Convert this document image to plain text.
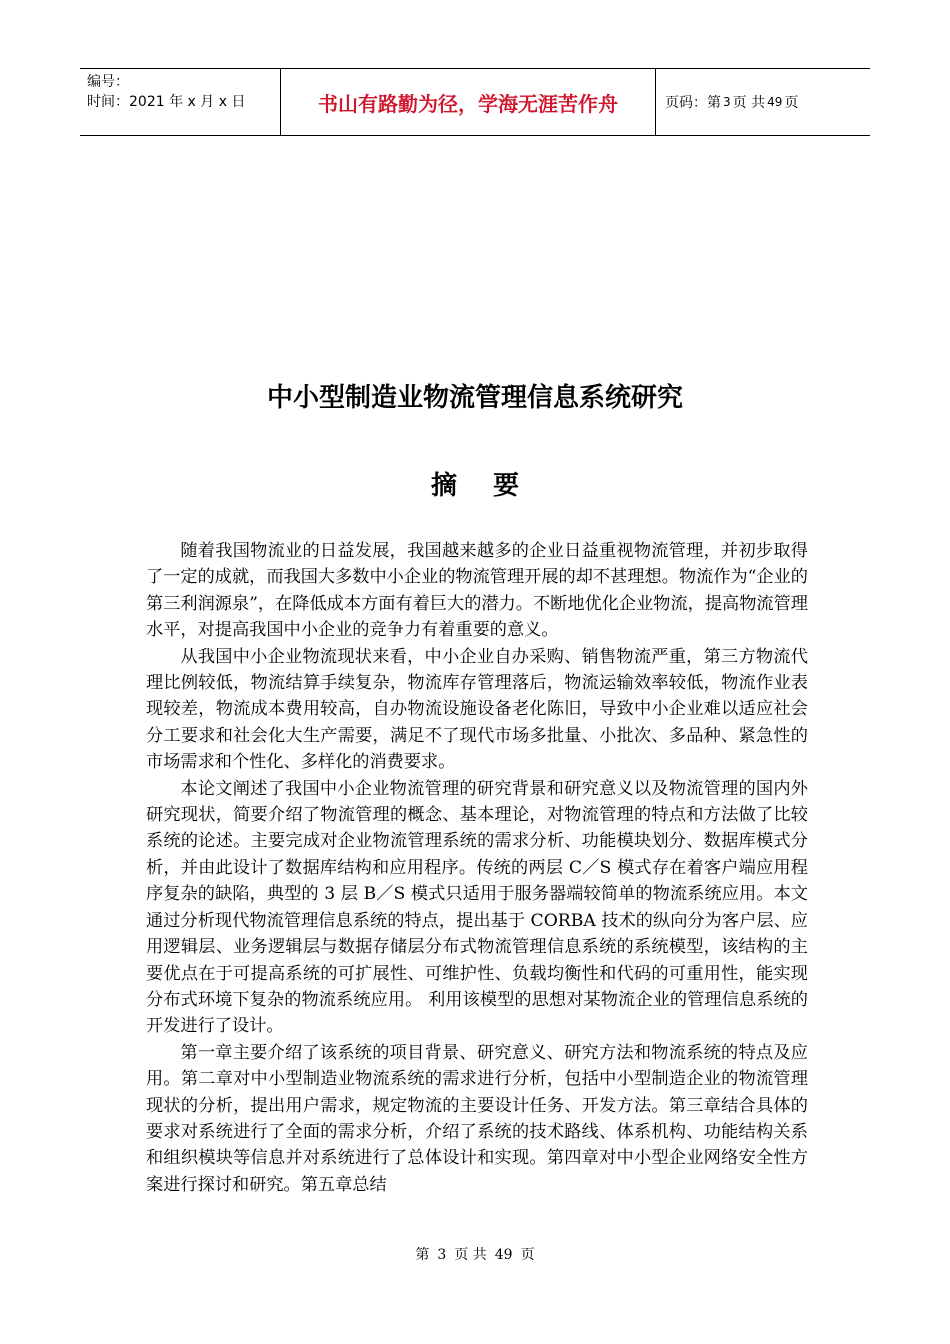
编号：
时间：2021 年 x 月 x 日	书山有路勤为径，学海无涯苦作舟	页码：第 3 页 共 49 页
中小型制造业物流管理信息系统研究
摘要

随着我国物流业的日益发展，我国越来越多的企业日益重视物流管理，并初步取得了一定的成就，而我国大多数中小企业的物流管理开展的却不甚理想。物流作为“企业的第三利润源泉”，在降低成本方面有着巨大的潜力。不断地优化企业物流，提高物流管理水平，对提高我国中小企业的竞争力有着重要的意义。

从我国中小企业物流现状来看，中小企业自办采购、销售物流严重，第三方物流代理比例较低，物流结算手续复杂，物流库存管理落后，物流运输效率较低，物流作业表现较差，物流成本费用较高，自办物流设施设备老化陈旧，导致中小企业难以适应社会分工要求和社会化大生产需要，满足不了现代市场多批量、小批次、多品种、紧急性的市场需求和个性化、多样化的消费要求。

本论文阐述了我国中小企业物流管理的研究背景和研究意义以及物流管理的国内外研究现状，简要介绍了物流管理的概念、基本理论，对物流管理的特点和方法做了比较系统的论述。主要完成对企业物流管理系统的需求分析、功能模块划分、数据库模式分析，并由此设计了数据库结构和应用程序。传统的两层 C／S 模式存在着客户端应用程序复杂的缺陷，典型的 3 层 B／S 模式只适用于服务器端较简单的物流系统应用。本文通过分析现代物流管理信息系统的特点，提出基于 CORBA 技术的纵向分为客户层、应用逻辑层、业务逻辑层与数据存储层分布式物流管理信息系统的系统模型，该结构的主要优点在于可提高系统的可扩展性、可维护性、负载均衡性和代码的可重用性，能实现分布式环境下复杂的物流系统应用。 利用该模型的思想对某物流企业的管理信息系统的开发进行了设计。

第一章主要介绍了该系统的项目背景、研究意义、研究方法和物流系统的特点及应用。第二章对中小型制造业物流系统的需求进行分析，包括中小型制造企业的物流管理现状的分析，提出用户需求，规定物流的主要设计任务、开发方法。第三章结合具体的要求对系统进行了全面的需求分析，介绍了系统的技术路线、体系机构、功能结构关系和组织模块等信息并对系统进行了总体设计和实现。第四章对中小型企业网络安全性方案进行探讨和研究。第五章总结

第 3 页 共 49 页
